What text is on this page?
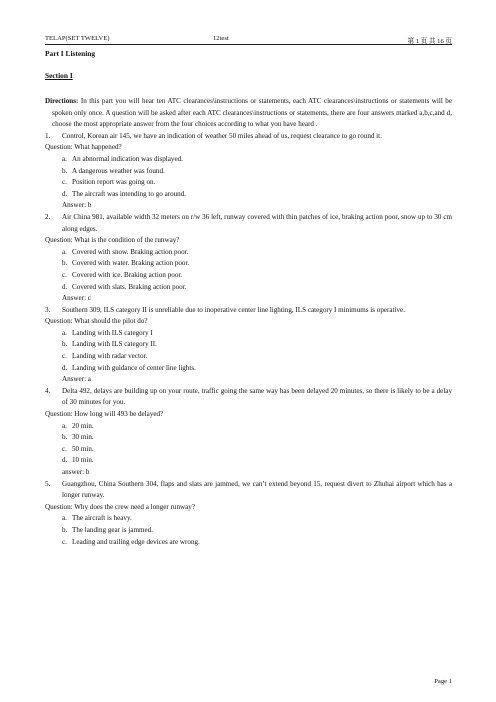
TELAP(SET TWELVE)	12test	第 1 页 共 16 页
Part I Listening
Section I
Directions: In this part you will hear ten ATC clearances\instructions or statements, each ATC clearances\instructions or statements will be spoken only once. A question will be asked after each ATC clearances\instructions or statements, there are four answers marked a,b,c,and d, choose the most appropriate answer from the four choices according to what you have heard .
1. Control, Korean air 145, we have an indication of weather 50 miles ahead of us, request clearance to go round it.
Question: What happened?
a. An abnormal indication was displayed.
b. A dangerous weather was found.
c. Position report was going on.
d. The aircraft was intending to go around.
Answer: b
2. Air China 981, available width 32 meters on r/w 36 left, runway covered with thin patches of ice, braking action poor, snow up to 30 cm along edges.
Question: What is the condition of the runway?
a. Covered with snow. Braking action poor.
b. Covered with water. Braking action poor.
c. Covered with ice. Braking action poor.
d. Covered with slats. Braking action poor.
Answer: c
3. Southern 309, ILS category II is unreliable due to inoperative center line lighting, ILS category I minimums is operative.
Question: What should the pilot do?
a. Landing with ILS category I
b. Landing with ILS category II.
c. Landing with radar vector.
d. Landing with guidance of center line lights.
Answer: a
4. Delta 492, delays are building up on your route, traffic going the same way has been delayed 20 minutes, so there is likely to be a delay of 30 minutes for you.
Question: How long will 493 be delayed?
a. 20 min.
b. 30 min.
c. 50 min.
d. 10 min.
answer: b
5. Guangzhou, China Southern 304, flaps and slats are jammed, we can’t extend beyond 15, request divert to Zhuhai airport which has a longer runway.
Question: Why does the crew need a longer runway?
a. The aircraft is heavy.
b. The landing gear is jammed.
c. Leading and trailing edge devices are wrong.
Page 1
